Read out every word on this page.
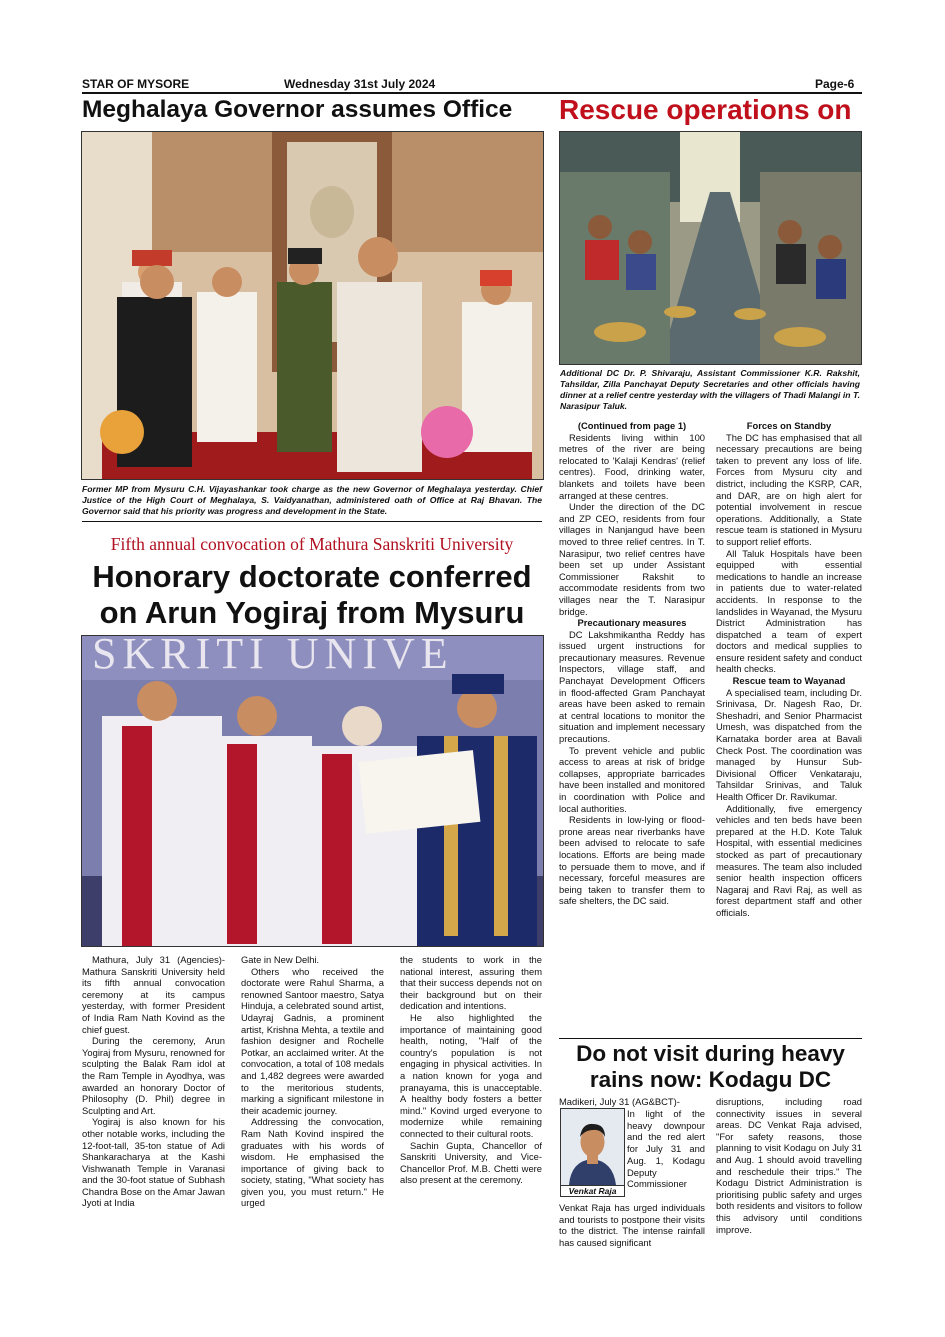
STAR OF MYSORE	Wednesday 31st July 2024	Page-6
Meghalaya Governor assumes Office
Former MP from Mysuru C.H. Vijayashankar took charge as the new Governor of Meghalaya yesterday. Chief Justice of the High Court of Meghalaya, S. Vaidyanathan, administered oath of Office at Raj Bhavan. The Governor said that his priority was progress and development in the State.
Fifth annual convocation of Mathura Sanskriti University
Honorary doctorate conferred
on Arun Yogiraj from Mysuru
SKRITI UNIVE

Mathura, July 31 (Agencies)- Mathura Sanskriti University held its fifth annual convocation ceremony at its campus yesterday, with former President of India Ram Nath Kovind as the chief guest.

During the ceremony, Arun Yogiraj from Mysuru, renowned for sculpting the Balak Ram idol at the Ram Temple in Ayodhya, was awarded an honorary Doctor of Philosophy (D. Phil) degree in Sculpting and Art.

Yogiraj is also known for his other notable works, including the 12-foot-tall, 35-ton statue of Adi Shankaracharya at the Kashi Vishwanath Temple in Varanasi and the 30-foot statue of Subhash Chandra Bose on the Amar Jawan Jyoti at India

Gate in New Delhi.

Others who received the doctorate were Rahul Sharma, a renowned Santoor maestro, Satya Hinduja, a celebrated sound artist, Udayraj Gadnis, a prominent artist, Krishna Mehta, a textile and fashion designer and Rochelle Potkar, an acclaimed writer. At the convocation, a total of 108 medals and 1,482 degrees were awarded to the meritorious students, marking a significant milestone in their academic journey.

Addressing the convocation, Ram Nath Kovind inspired the graduates with his words of wisdom. He emphasised the importance of giving back to society, stating, "What society has given you, you must return." He urged

the students to work in the national interest, assuring them that their success depends not on their background but on their dedication and intentions.

He also highlighted the importance of maintaining good health, noting, "Half of the country's population is not engaging in physical activities. In a nation known for yoga and pranayama, this is unacceptable. A healthy body fosters a better mind." Kovind urged everyone to modernize while remaining connected to their cultural roots.

Sachin Gupta, Chancellor of Sanskriti University, and Vice-Chancellor Prof. M.B. Chetti were also present at the ceremony.

Rescue operations on
Additional DC Dr. P. Shivaraju, Assistant Commissioner K.R. Rakshit, Tahsildar, Zilla Panchayat Deputy Secretaries and other officials having dinner at a relief centre yesterday with the villagers of Thadi Malangi in T. Narasipur Taluk.

(Continued from page 1)

Residents living within 100 metres of the river are being relocated to 'Kalaji Kendras' (relief centres). Food, drinking water, blankets and toilets have been arranged at these centres.

Under the direction of the DC and ZP CEO, residents from four villages in Nanjangud have been moved to three relief centres. In T. Narasipur, two relief centres have been set up under Assistant Commissioner Rakshit to accommodate residents from two villages near the T. Narasipur bridge.

Precautionary measures

DC Lakshmikantha Reddy has issued urgent instructions for precautionary measures. Revenue Inspectors, village staff, and Panchayat Development Officers in flood-affected Gram Panchayat areas have been asked to remain at central locations to monitor the situation and implement necessary precautions.

To prevent vehicle and public access to areas at risk of bridge collapses, appropriate barricades have been installed and monitored in coordination with Police and local authorities.

Residents in low-lying or flood-prone areas near riverbanks have been advised to relocate to safe locations. Efforts are being made to persuade them to move, and if necessary, forceful measures are being taken to transfer them to safe shelters, the DC said.

Forces on Standby

The DC has emphasised that all necessary precautions are being taken to prevent any loss of life. Forces from Mysuru city and district, including the KSRP, CAR, and DAR, are on high alert for potential involvement in rescue operations. Additionally, a State rescue team is stationed in Mysuru to support relief efforts.

All Taluk Hospitals have been equipped with essential medications to handle an increase in patients due to water-related accidents. In response to the landslides in Wayanad, the Mysuru District Administration has dispatched a team of expert doctors and medical supplies to ensure resident safety and conduct health checks.

Rescue team to Wayanad

A specialised team, including Dr. Srinivasa, Dr. Nagesh Rao, Dr. Sheshadri, and Senior Pharmacist Umesh, was dispatched from the Karnataka border area at Bavali Check Post. The coordination was managed by Hunsur Sub-Divisional Officer Venkataraju, Tahsildar Srinivas, and Taluk Health Officer Dr. Ravikumar.

Additionally, five emergency vehicles and ten beds have been prepared at the H.D. Kote Taluk Hospital, with essential medicines stocked as part of precautionary measures. The team also included senior health inspection officers Nagaraj and Ravi Raj, as well as forest department staff and other officials.

Do not visit during heavy
rains now: Kodagu DC
Venkat Raja

Madikeri, July 31 (AG&BCT)-

In light of the heavy downpour and the red alert for July 31 and Aug. 1, Kodagu Deputy Commissioner

Venkat Raja has urged individuals and tourists to postpone their visits to the district. The intense rainfall has caused significant

disruptions, including road connectivity issues in several areas. DC Venkat Raja advised, "For safety reasons, those planning to visit Kodagu on July 31 and Aug. 1 should avoid travelling and reschedule their trips." The Kodagu District Administration is prioritising public safety and urges both residents and visitors to follow this advisory until conditions improve.
